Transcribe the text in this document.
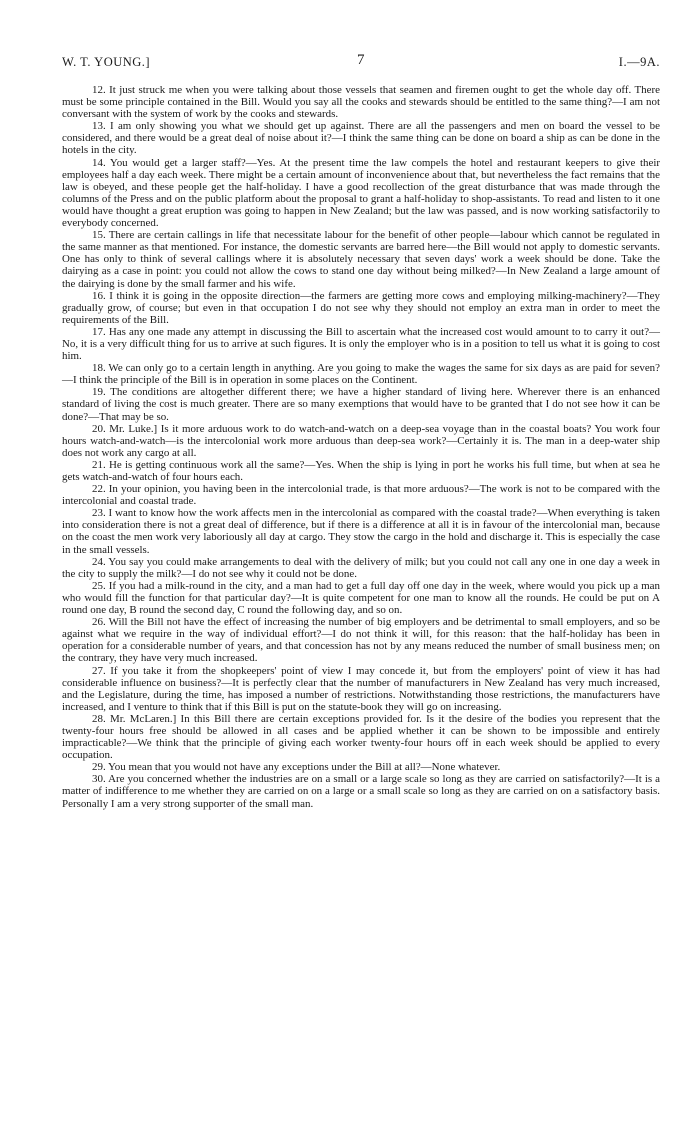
W. T. YOUNG.]	7	I.—9A.

12. It just struck me when you were talking about those vessels that seamen and firemen ought to get the whole day off. There must be some principle contained in the Bill. Would you say all the cooks and stewards should be entitled to the same thing?—I am not conversant with the system of work by the cooks and stewards.

13. I am only showing you what we should get up against. There are all the passengers and men on board the vessel to be considered, and there would be a great deal of noise about it?—I think the same thing can be done on board a ship as can be done in the hotels in the city.

14. You would get a larger staff?—Yes. At the present time the law compels the hotel and restaurant keepers to give their employees half a day each week. There might be a certain amount of inconvenience about that, but nevertheless the fact remains that the law is obeyed, and these people get the half-holiday. I have a good recollection of the great disturbance that was made through the columns of the Press and on the public platform about the proposal to grant a half-holiday to shop-assistants. To read and listen to it one would have thought a great eruption was going to happen in New Zealand; but the law was passed, and is now working satisfactorily to everybody concerned.

15. There are certain callings in life that necessitate labour for the benefit of other people—labour which cannot be regulated in the same manner as that mentioned. For instance, the domestic servants are barred here—the Bill would not apply to domestic servants. One has only to think of several callings where it is absolutely necessary that seven days' work a week should be done. Take the dairying as a case in point: you could not allow the cows to stand one day without being milked?—In New Zealand a large amount of the dairying is done by the small farmer and his wife.

16. I think it is going in the opposite direction—the farmers are getting more cows and employing milking-machinery?—They gradually grow, of course; but even in that occupation I do not see why they should not employ an extra man in order to meet the requirements of the Bill.

17. Has any one made any attempt in discussing the Bill to ascertain what the increased cost would amount to to carry it out?—No, it is a very difficult thing for us to arrive at such figures. It is only the employer who is in a position to tell us what it is going to cost him.

18. We can only go to a certain length in anything. Are you going to make the wages the same for six days as are paid for seven?—I think the principle of the Bill is in operation in some places on the Continent.

19. The conditions are altogether different there; we have a higher standard of living here. Wherever there is an enhanced standard of living the cost is much greater. There are so many exemptions that would have to be granted that I do not see how it can be done?—That may be so.

20. Mr. Luke.] Is it more arduous work to do watch-and-watch on a deep-sea voyage than in the coastal boats? You work four hours watch-and-watch—is the intercolonial work more arduous than deep-sea work?—Certainly it is. The man in a deep-water ship does not work any cargo at all.

21. He is getting continuous work all the same?—Yes. When the ship is lying in port he works his full time, but when at sea he gets watch-and-watch of four hours each.

22. In your opinion, you having been in the intercolonial trade, is that more arduous?—The work is not to be compared with the intercolonial and coastal trade.

23. I want to know how the work affects men in the intercolonial as compared with the coastal trade?—When everything is taken into consideration there is not a great deal of difference, but if there is a difference at all it is in favour of the intercolonial man, because on the coast the men work very laboriously all day at cargo. They stow the cargo in the hold and discharge it. This is especially the case in the small vessels.

24. You say you could make arrangements to deal with the delivery of milk; but you could not call any one in one day a week in the city to supply the milk?—I do not see why it could not be done.

25. If you had a milk-round in the city, and a man had to get a full day off one day in the week, where would you pick up a man who would fill the function for that particular day?—It is quite competent for one man to know all the rounds. He could be put on A round one day, B round the second day, C round the following day, and so on.

26. Will the Bill not have the effect of increasing the number of big employers and be detrimental to small employers, and so be against what we require in the way of individual effort?—I do not think it will, for this reason: that the half-holiday has been in operation for a considerable number of years, and that concession has not by any means reduced the number of small business men; on the contrary, they have very much increased.

27. If you take it from the shopkeepers' point of view I may concede it, but from the employers' point of view it has had considerable influence on business?—It is perfectly clear that the number of manufacturers in New Zealand has very much increased, and the Legislature, during the time, has imposed a number of restrictions. Notwithstanding those restrictions, the manufacturers have increased, and I venture to think that if this Bill is put on the statute-book they will go on increasing.

28. Mr. McLaren.] In this Bill there are certain exceptions provided for. Is it the desire of the bodies you represent that the twenty-four hours free should be allowed in all cases and be applied whether it can be shown to be impossible and entirely impracticable?—We think that the principle of giving each worker twenty-four hours off in each week should be applied to every occupation.

29. You mean that you would not have any exceptions under the Bill at all?—None whatever.

30. Are you concerned whether the industries are on a small or a large scale so long as they are carried on satisfactorily?—It is a matter of indifference to me whether they are carried on on a large or a small scale so long as they are carried on on a satisfactory basis. Personally I am a very strong supporter of the small man.
